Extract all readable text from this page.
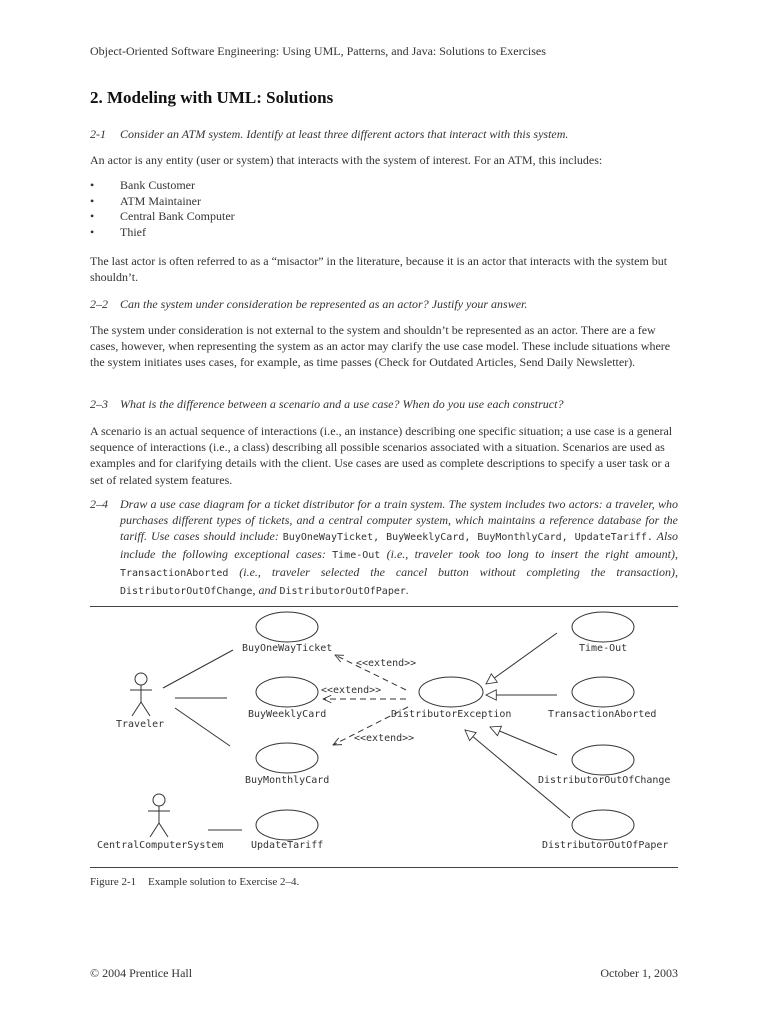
Object-Oriented Software Engineering: Using UML, Patterns, and Java: Solutions to Exercises
2. Modeling with UML: Solutions
2-1 Consider an ATM system. Identify at least three different actors that interact with this system.
An actor is any entity (user or system) that interacts with the system of interest. For an ATM, this includes:
• Bank Customer
• ATM Maintainer
• Central Bank Computer
• Thief
The last actor is often referred to as a “misactor” in the literature, because it is an actor that interacts with the system but shouldn’t.
2–2 Can the system under consideration be represented as an actor? Justify your answer.
The system under consideration is not external to the system and shouldn’t be represented as an actor. There are a few cases, however, when representing the system as an actor may clarify the use case model. These include situations where the system initiates uses cases, for example, as time passes (Check for Outdated Articles, Send Daily Newsletter).
2–3 What is the difference between a scenario and a use case? When do you use each construct?
A scenario is an actual sequence of interactions (i.e., an instance) describing one specific situation; a use case is a general sequence of interactions (i.e., a class) describing all possible scenarios associated with a situation. Scenarios are used as examples and for clarifying details with the client. Use cases are used as complete descriptions to specify a user task or a set of related system features.
2–4 Draw a use case diagram for a ticket distributor for a train system. The system includes two actors: a traveler, who purchases different types of tickets, and a central computer system, which maintains a reference database for the tariff. Use cases should include: BuyOneWayTicket, BuyWeeklyCard, BuyMonthlyCard, UpdateTariff. Also include the following exceptional cases: Time-Out (i.e., traveler took too long to insert the right amount), TransactionAborted (i.e., traveler selected the cancel button without completing the transaction), DistributorOutOfChange, and DistributorOutOfPaper.
Traveler
CentralComputerSystem
BuyOneWayTicket
BuyWeeklyCard
BuyMonthlyCard
UpdateTariff
DistributorException
Time-Out
TransactionAborted
DistributorOutOfChange
DistributorOutOfPaper
<<extend>>
<<extend>>
<<extend>>
Figure 2-1 Example solution to Exercise 2–4.
© 2004 Prentice Hall	October 1, 2003
